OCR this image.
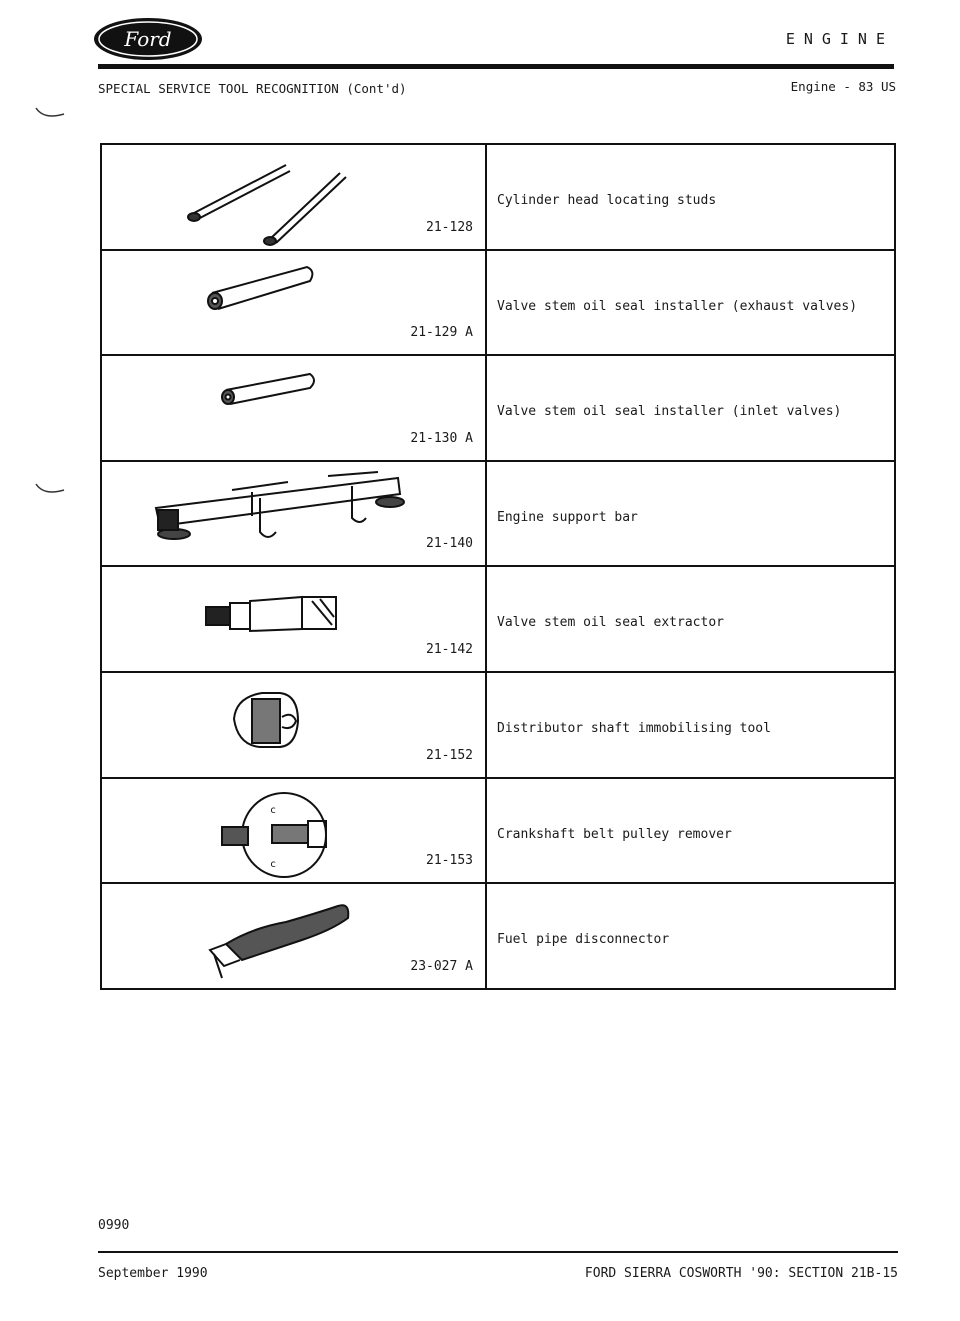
Ford	ENGINE
SPECIAL SERVICE TOOL RECOGNITION (Cont'd)	Engine - 83 US
21-128
Cylinder head locating studs
21-129 A
Valve stem oil seal installer (exhaust valves)
21-130 A
Valve stem oil seal installer (inlet valves)
21-140
Engine support bar
21-142
Valve stem oil seal extractor
21-152
Distributor shaft immobilising tool
c
c	21-153
Crankshaft belt pulley remover
23-027 A
Fuel pipe disconnector
0990
September 1990	FORD SIERRA COSWORTH '90: SECTION 21B-15
